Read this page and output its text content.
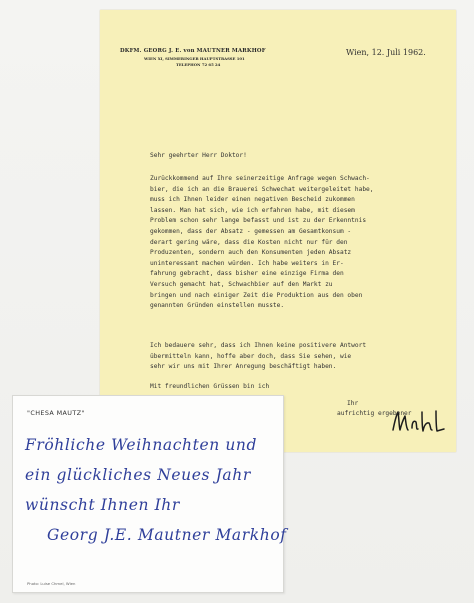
DKFM. GEORG J. E. von MAUTNER MARKHOF
WIEN XI, SIMMERINGER HAUPTSTRASSE 101
TELEPHON 72 65 24
Wien, 12. Juli 1962.
Sehr geehrter Herr Doktor!
Zurückkommend auf Ihre seinerzeitige Anfrage wegen Schwach-
bier, die ich an die Brauerei Schwechat weitergeleitet habe,
muss ich Ihnen leider einen negativen Bescheid zukommen
lassen. Man hat sich, wie ich erfahren habe, mit diesem
Problem schon sehr lange befasst und ist zu der Erkenntnis
gekommen, dass der Absatz - gemessen am Gesamtkonsum -
derart gering wäre, dass die Kosten nicht nur für den
Produzenten, sondern auch den Konsumenten jeden Absatz
uninteressant machen würden. Ich habe weiters in Er-
fahrung gebracht, dass bisher eine einzige Firma den
Versuch gemacht hat, Schwachbier auf den Markt zu
bringen und nach einiger Zeit die Produktion aus den oben
genannten Gründen einstellen musste.
Ich bedauere sehr, dass ich Ihnen keine positivere Antwort
übermitteln kann, hoffe aber doch, dass Sie sehen, wie
sehr wir uns mit Ihrer Anregung beschäftigt haben.
Mit freundlichen Grüssen bin ich
Ihr
aufrichtig ergebener
"CHESA MAUTZ"
Fröhliche Weihnachten und
ein glückliches Neues Jahr
wünscht Ihnen Ihr
Georg J.E. Mautner Markhof
Photo: Luise Chmel, Wien
